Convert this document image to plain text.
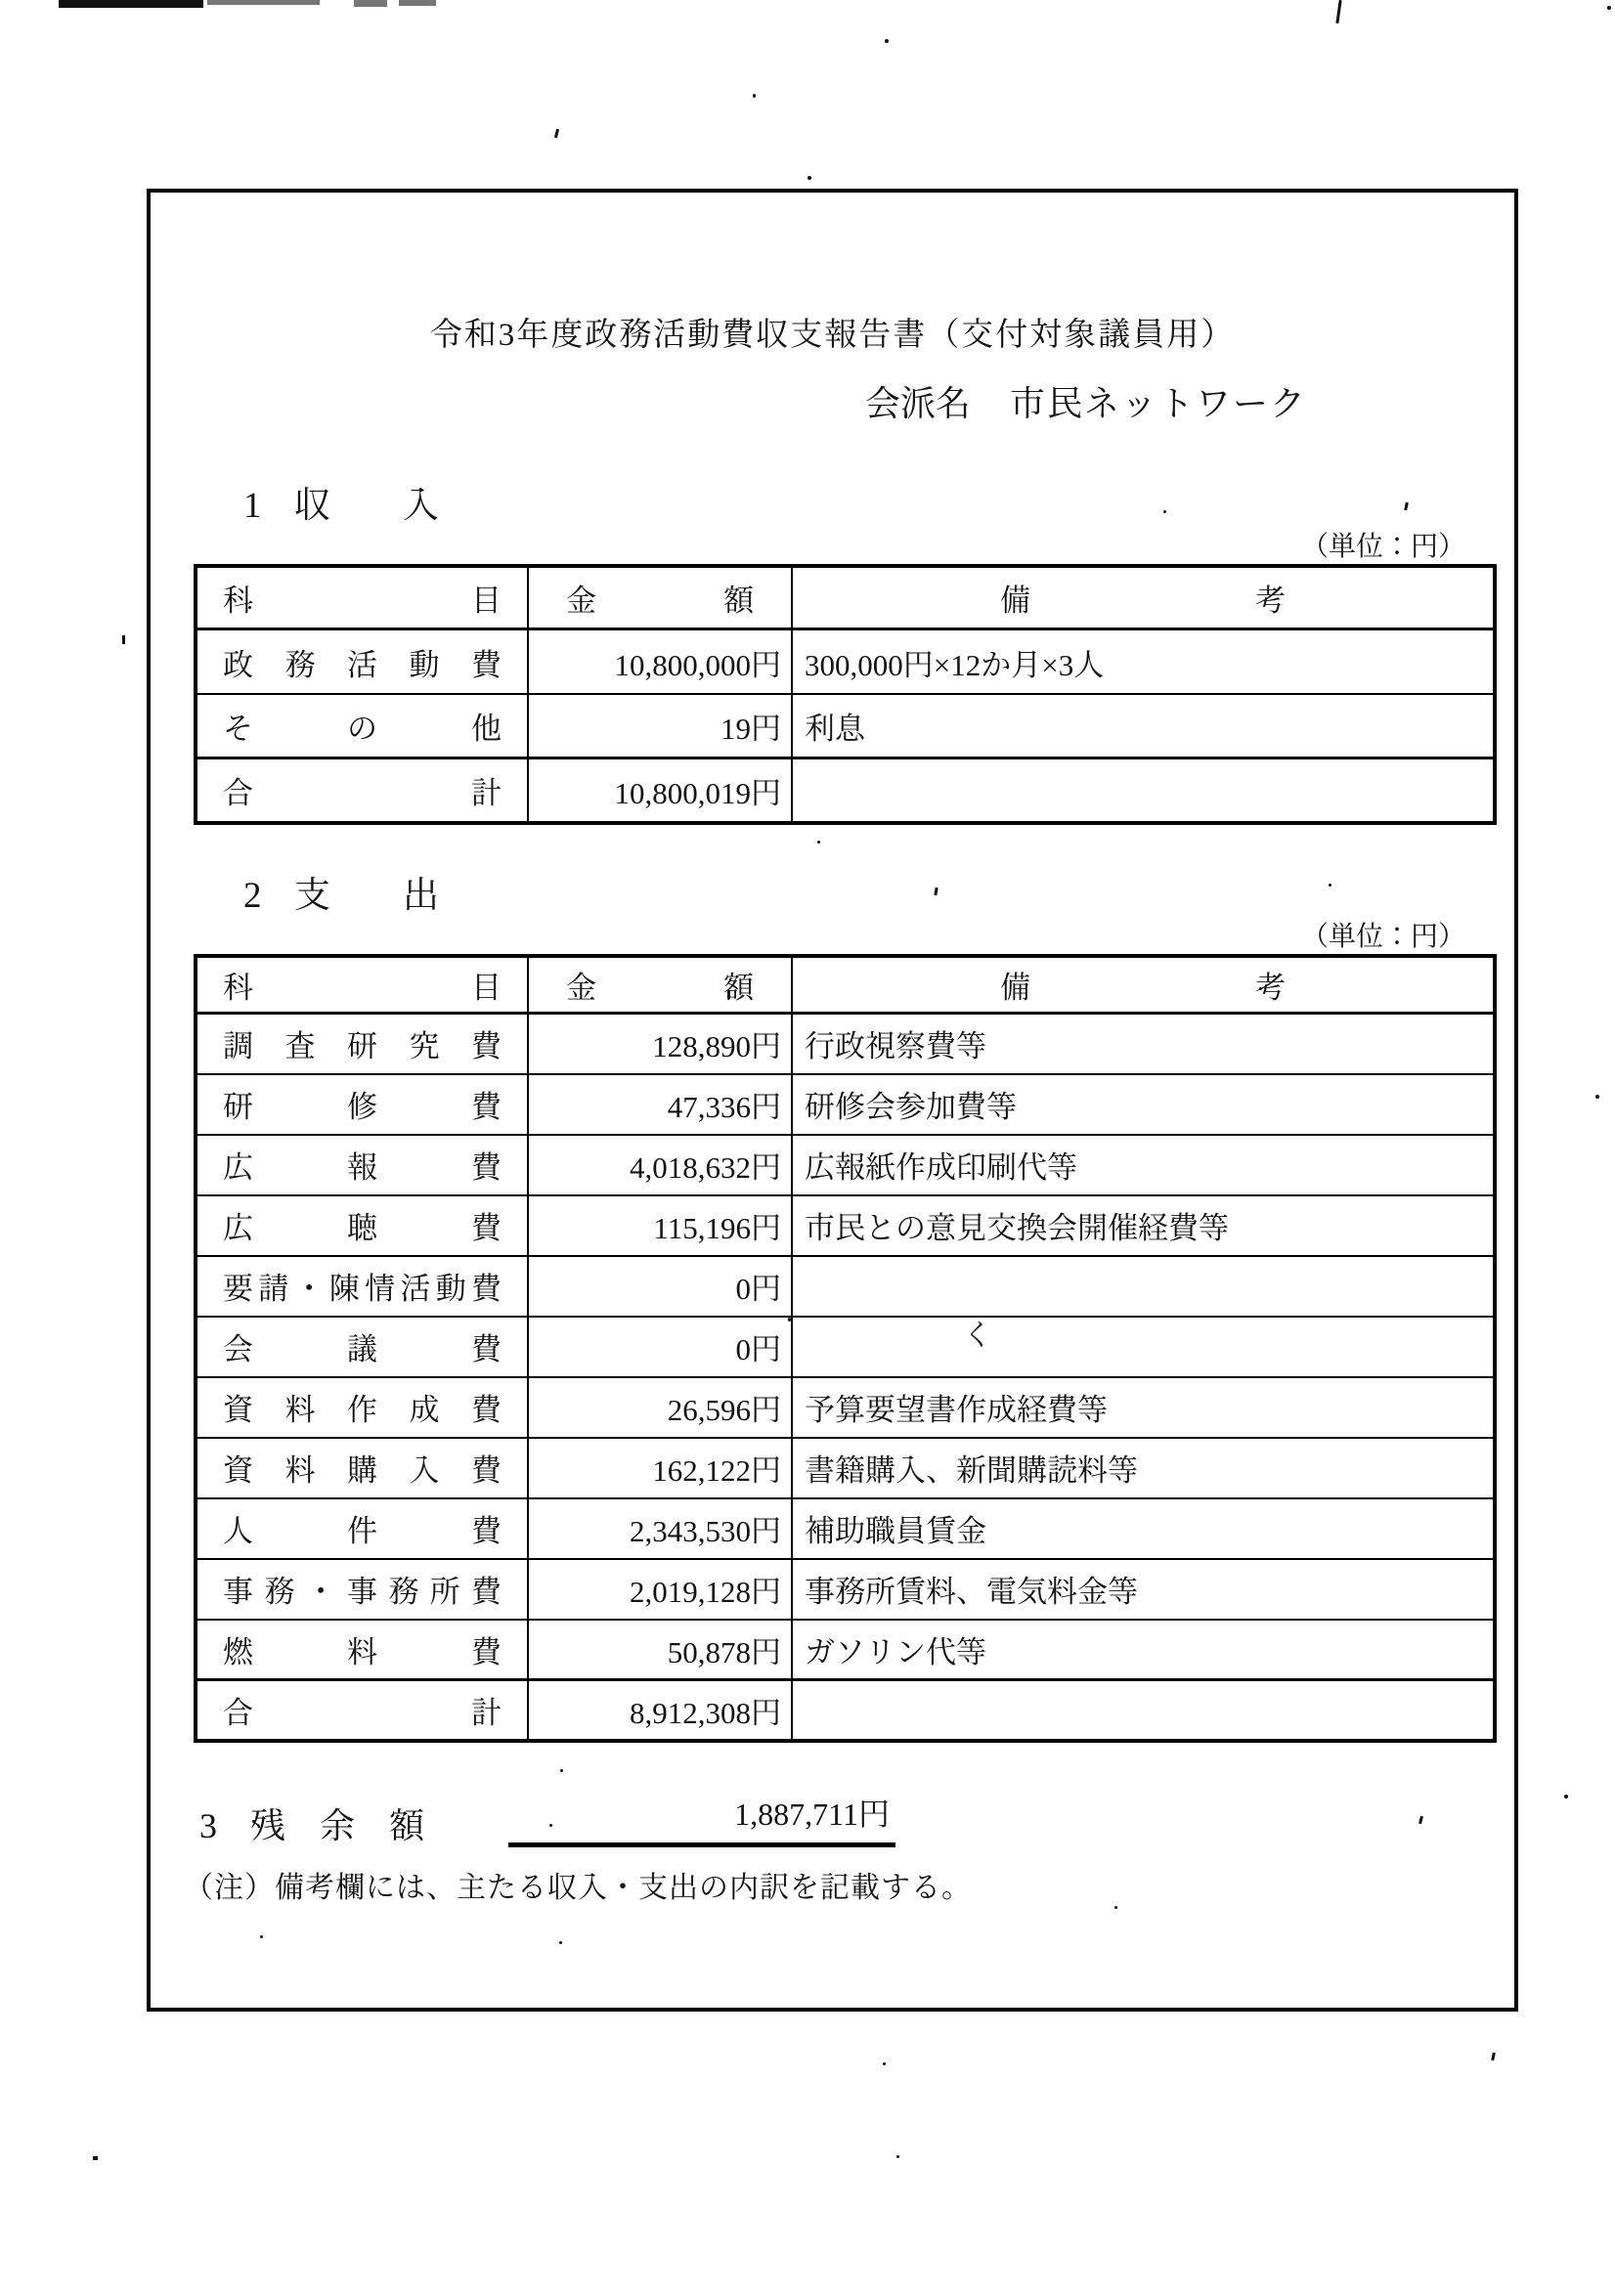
く
令和3年度政務活動費収支報告書（交付対象議員用）
会派名 市民ネットワーク
1 収　　入
（単位：円）
科 目	金 額	備 考

政 務 活 動 費	10,800,000円	300,000円×12か月×3人

そ の 他	19円	利息

合 計	10,800,019円	
2 支　　出
（単位：円）
科 目	金 額	備 考

調 査 研 究 費	128,890円	行政視察費等

研 修 費	47,336円	研修会参加費等

広 報 費	4,018,632円	広報紙作成印刷代等

広 聴 費	115,196円	市民との意見交換会開催経費等

要 請 ・ 陳 情 活 動 費	0円	

会 議 費	0円	

資 料 作 成 費	26,596円	予算要望書作成経費等

資 料 購 入 費	162,122円	書籍購入、新聞購読料等

人 件 費	2,343,530円	補助職員賃金

事 務 ・ 事 務 所 費	2,019,128円	事務所賃料、電気料金等

燃 料 費	50,878円	ガソリン代等

合 計	8,912,308円	
3 残 余 額	1,887,711円
（注）備考欄には、主たる収入・支出の内訳を記載する。
